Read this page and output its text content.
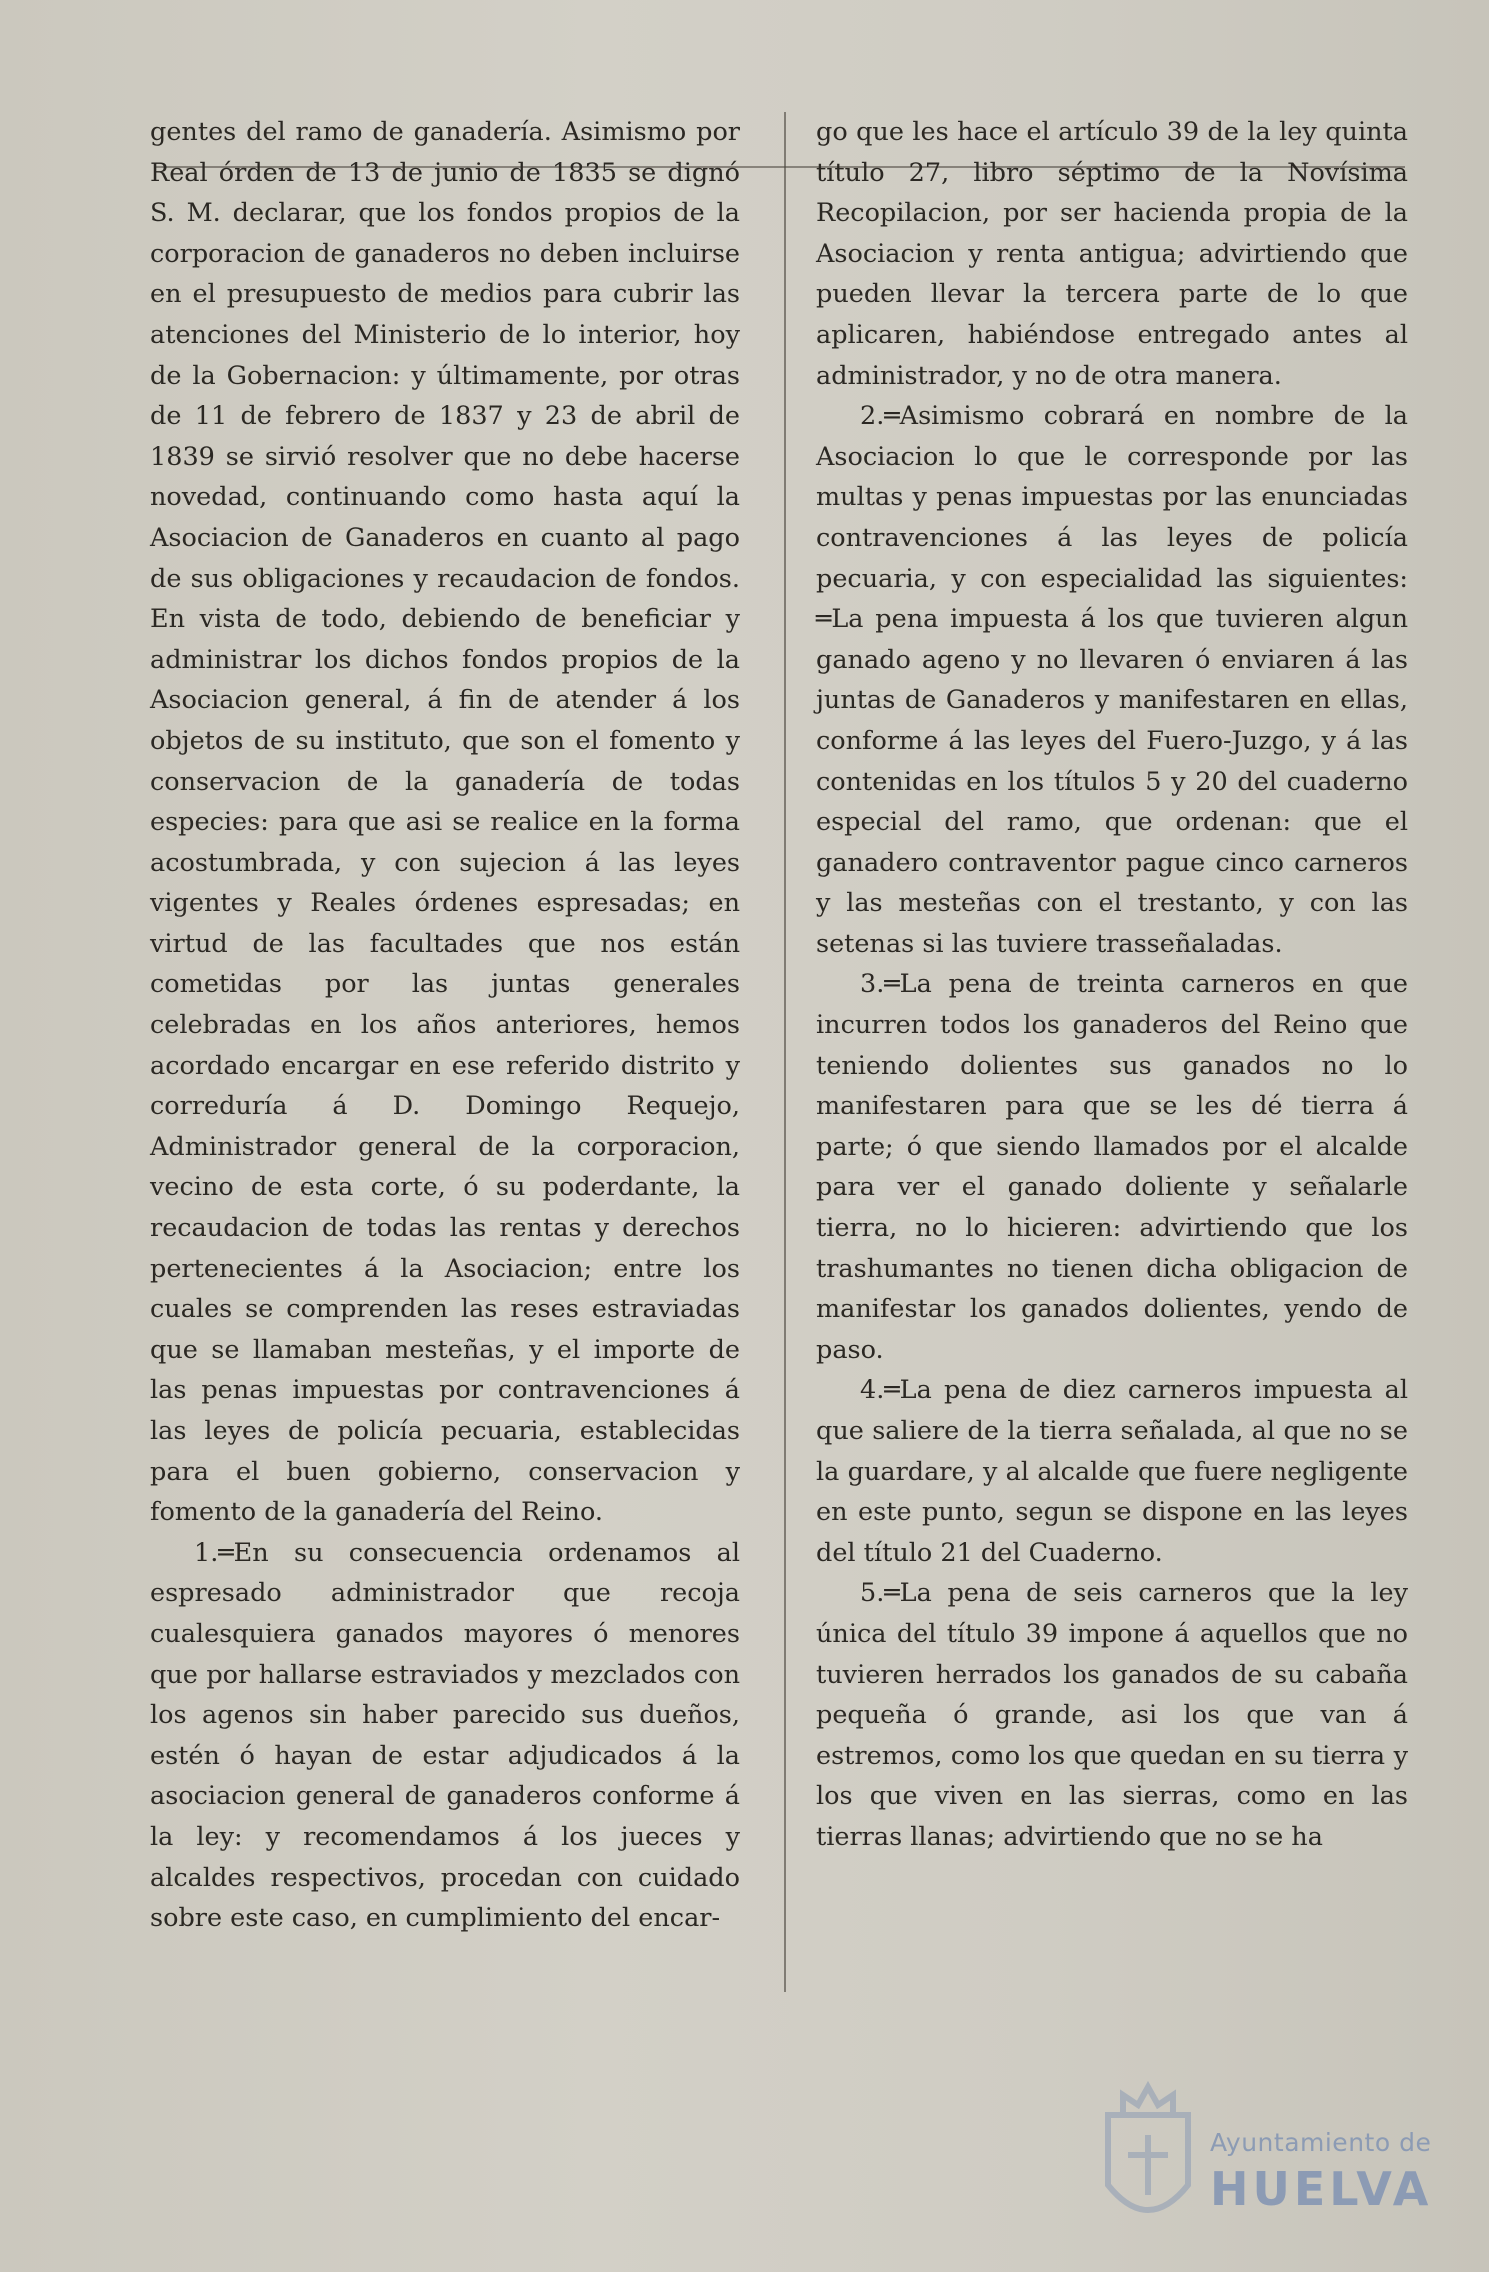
gentes del ramo de ganadería. Asimismo por Real órden de 13 de junio de 1835 se dignó S. M. declarar, que los fondos propios de la corporacion de ganaderos no deben incluirse en el presupuesto de medios para cubrir las atenciones del Ministerio de lo interior, hoy de la Gobernacion: y últimamente, por otras de 11 de febrero de 1837 y 23 de abril de 1839 se sirvió resolver que no debe hacerse novedad, continuando como hasta aquí la Asociacion de Ganaderos en cuanto al pago de sus obligaciones y recaudacion de fondos. En vista de todo, debiendo de beneficiar y administrar los dichos fondos propios de la Asociacion general, á fin de atender á los objetos de su instituto, que son el fomento y conservacion de la ganadería de todas especies: para que asi se realice en la forma acostumbrada, y con sujecion á las leyes vigentes y Reales órdenes espresadas; en virtud de las facultades que nos están cometidas por las juntas generales celebradas en los años anteriores, hemos acordado encargar en ese referido distrito y correduría á D. Domingo Requejo, Administrador general de la corporacion, vecino de esta corte, ó su poderdante, la recaudacion de todas las rentas y derechos pertenecientes á la Asociacion; entre los cuales se comprenden las reses estraviadas que se llamaban mesteñas, y el importe de las penas impuestas por contravenciones á las leyes de policía pecuaria, establecidas para el buen gobierno, conservacion y fomento de la ganadería del Reino.

1.═En su consecuencia ordenamos al espresado administrador que recoja cualesquiera ganados mayores ó menores que por hallarse estraviados y mezclados con los agenos sin haber parecido sus dueños, estén ó hayan de estar adjudicados á la asociacion general de ganaderos conforme á la ley: y recomendamos á los jueces y alcaldes respectivos, procedan con cuidado sobre este caso, en cumplimiento del encar-

go que les hace el artículo 39 de la ley quinta título 27, libro séptimo de la Novísima Recopilacion, por ser hacienda propia de la Asociacion y renta antigua; advirtiendo que pueden llevar la tercera parte de lo que aplicaren, habiéndose entregado antes al administrador, y no de otra manera.

2.═Asimismo cobrará en nombre de la Asociacion lo que le corresponde por las multas y penas impuestas por las enunciadas contravenciones á las leyes de policía pecuaria, y con especialidad las siguientes: ═La pena impuesta á los que tuvieren algun ganado ageno y no llevaren ó enviaren á las juntas de Ganaderos y manifestaren en ellas, conforme á las leyes del Fuero-Juzgo, y á las contenidas en los títulos 5 y 20 del cuaderno especial del ramo, que ordenan: que el ganadero contraventor pague cinco carneros y las mesteñas con el trestanto, y con las setenas si las tuviere trasseñaladas.

3.═La pena de treinta carneros en que incurren todos los ganaderos del Reino que teniendo dolientes sus ganados no lo manifestaren para que se les dé tierra á parte; ó que siendo llamados por el alcalde para ver el ganado doliente y señalarle tierra, no lo hicieren: advirtiendo que los trashumantes no tienen dicha obligacion de manifestar los ganados dolientes, yendo de paso.

4.═La pena de diez carneros impuesta al que saliere de la tierra señalada, al que no se la guardare, y al alcalde que fuere negligente en este punto, segun se dispone en las leyes del título 21 del Cuaderno.

5.═La pena de seis carneros que la ley única del título 39 impone á aquellos que no tuvieren herrados los ganados de su cabaña pequeña ó grande, asi los que van á estremos, como los que quedan en su tierra y los que viven en las sierras, como en las tierras llanas; advirtiendo que no se ha

Ayuntamiento de
HUELVA
